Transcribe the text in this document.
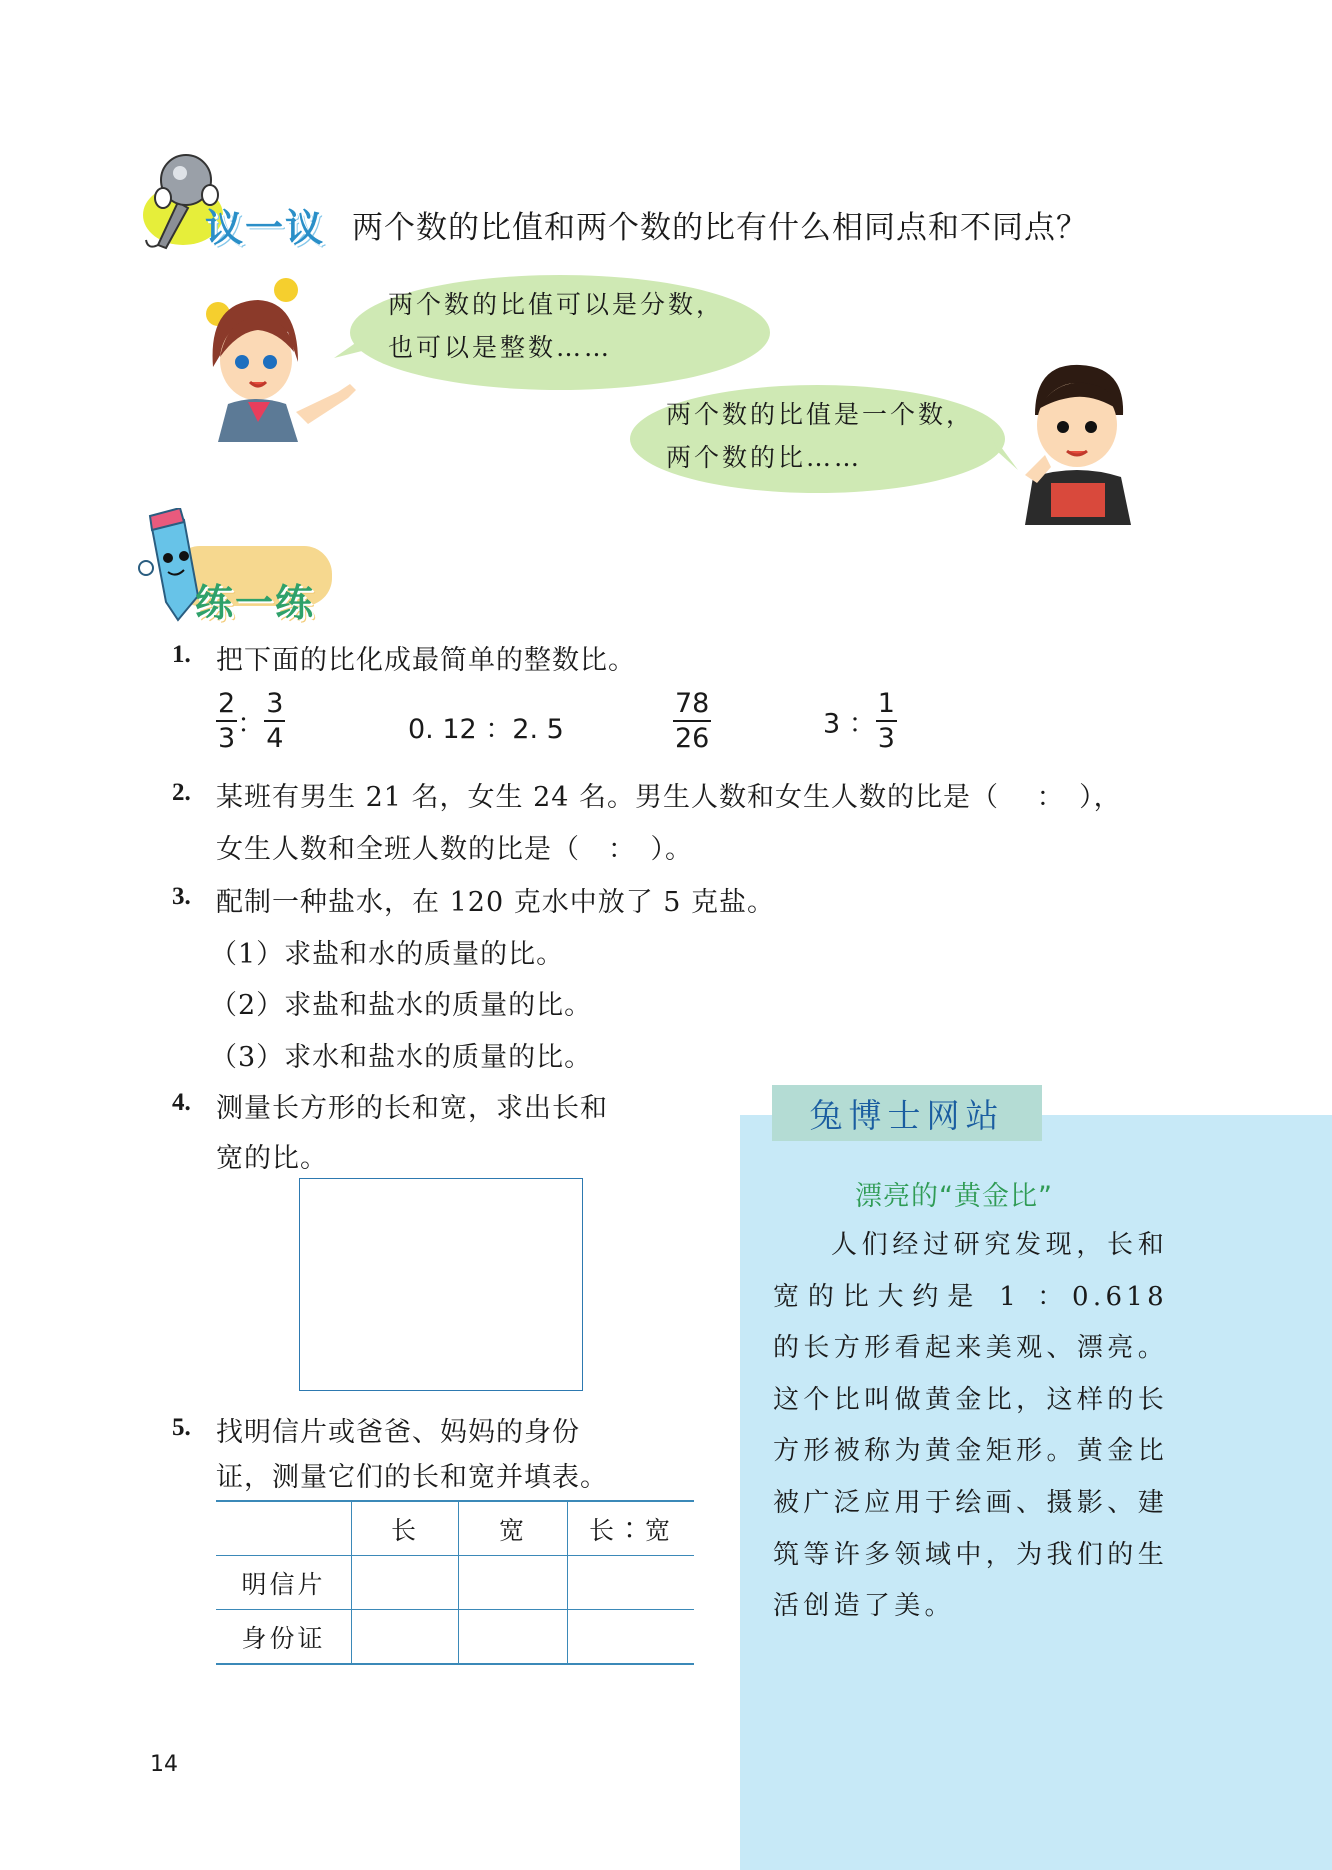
议一议 两个数的比值和两个数的比有什么相同点和不同点？
两个数的比值可以是分数，
也可以是整数……
两个数的比值是一个数，
两个数的比……
练一练
1. 把下面的比化成最简单的整数比。
$\frac{2}{3}$ ： $\frac{3}{4}$	0. 12 ：2. 5	$\frac{78}{26}$	3 ： $\frac{1}{3}$
2. 某班有男生 21 名，女生 24 名。男生人数和女生人数的比是（　 ：　），
女生人数和全班人数的比是（　：　）。
3. 配制一种盐水，在 120 克水中放了 5 克盐。
（1）求盐和水的质量的比。
（2）求盐和盐水的质量的比。
（3）求水和盐水的质量的比。
4. 测量长方形的长和宽，求出长和
宽的比。
5. 找明信片或爸爸、妈妈的身份
证，测量它们的长和宽并填表。
	长	宽	长∶宽
明信片			
身份证			
兔博士网站
漂亮的“黄金比”
人们经过研究发现，长和宽的比大约是 1 ：0.618 的长方形看起来美观、漂亮。这个比叫做黄金比，这样的长方形被称为黄金矩形。黄金比被广泛应用于绘画、摄影、建筑等许多领域中，为我们的生活创造了美。
14
